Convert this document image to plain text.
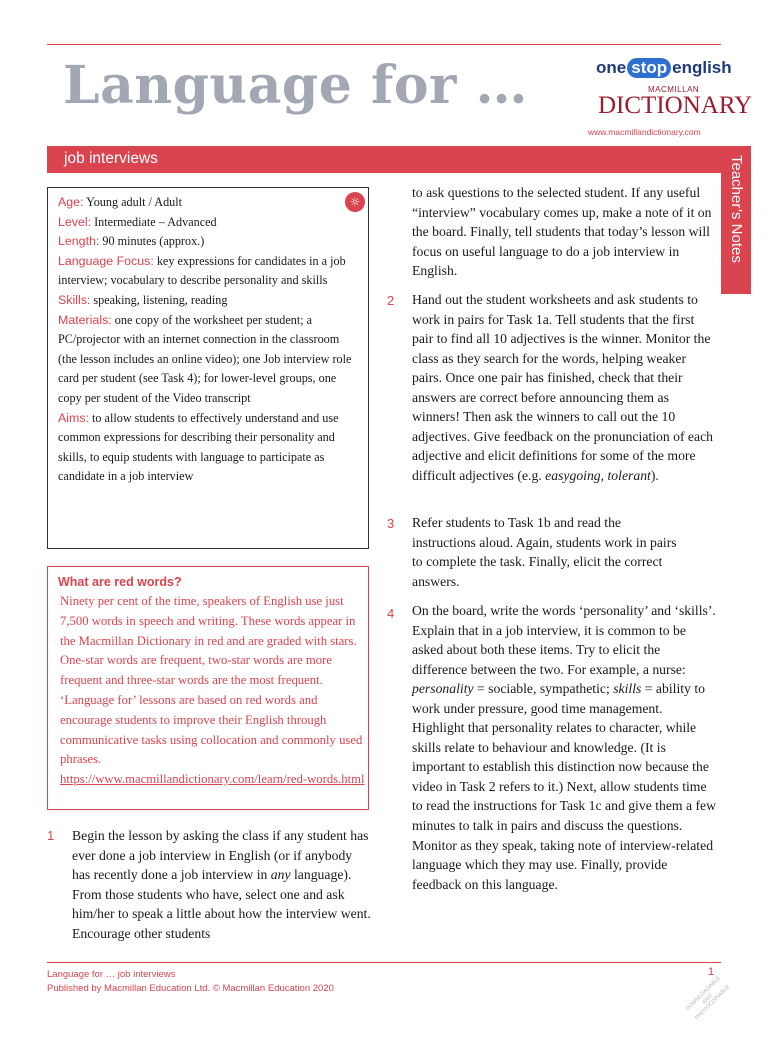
Language for …	one stop english
MACMILLAN
DICTIONARY
www.macmillandictionary.com
job interviews	Teacher’s Notes
☼
Age: Young adult / Adult
Level: Intermediate – Advanced
Length: 90 minutes (approx.)
Language Focus: key expressions for candidates in a job interview; vocabulary to describe personality and skills
Skills: speaking, listening, reading
Materials: one copy of the worksheet per student; a PC/projector with an internet connection in the classroom (the lesson includes an online video); one Job interview role card per student (see Task 4); for lower-level groups, one copy per student of the Video transcript
Aims: to allow students to effectively understand and use common expressions for describing their personality and skills, to equip students with language to participate as candidate in a job interview
What are red words?
Ninety per cent of the time, speakers of English use just 7,500 words in speech and writing. These words appear in the Macmillan Dictionary in red and are graded with stars. One-star words are frequent, two-star words are more frequent and three-star words are the most frequent. ‘Language for’ lessons are based on red words and encourage students to improve their English through communicative tasks using collocation and commonly used phrases.
https://www.macmillandictionary.com/learn/red-words.html
1 Begin the lesson by asking the class if any student has ever done a job interview in English (or if anybody has recently done a job interview in any language). From those students who have, select one and ask him/her to speak a little about how the interview went. Encourage other students
to ask questions to the selected student. If any useful “interview” vocabulary comes up, make a note of it on the board. Finally, tell students that today’s lesson will focus on useful language to do a job interview in English.
2 Hand out the student worksheets and ask students to work in pairs for Task 1a. Tell students that the first pair to find all 10 adjectives is the winner. Monitor the class as they search for the words, helping weaker pairs. Once one pair has finished, check that their answers are correct before announcing them as winners! Then ask the winners to call out the 10 adjectives. Give feedback on the pronunciation of each adjective and elicit definitions for some of the more difficult adjectives (e.g. easygoing, tolerant).
3 Refer students to Task 1b and read the instructions aloud. Again, students work in pairs to complete the task. Finally, elicit the correct answers.
4 On the board, write the words ‘personality’ and ‘skills’. Explain that in a job interview, it is common to be asked about both these items. Try to elicit the difference between the two. For example, a nurse: personality = sociable, sympathetic; skills = ability to work under pressure, good time management. Highlight that personality relates to character, while skills relate to behaviour and knowledge. (It is important to establish this distinction now because the video in Task 2 refers to it.) Next, allow students time to read the instructions for Task 1c and give them a few minutes to talk in pairs and discuss the questions. Monitor as they speak, taking note of interview-related language which they may use. Finally, provide feedback on this language.
Language for … job interviews
Published by Macmillan Education Ltd. © Macmillan Education 2020
1
DOWNLOADABLE AND PHOTOCOPIABLE
